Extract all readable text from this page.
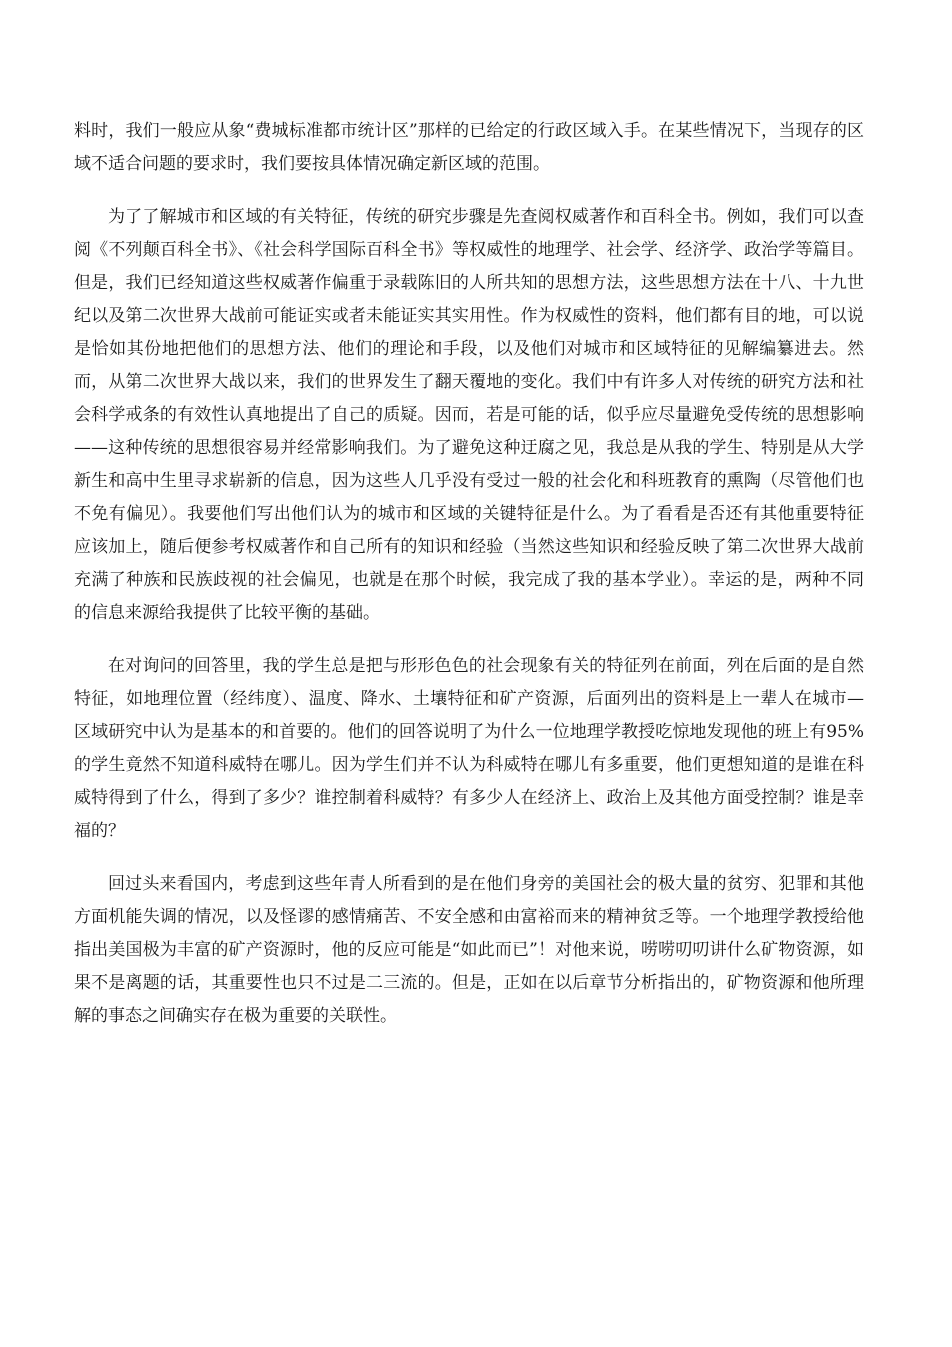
料时，我们一般应从象“费城标准都市统计区”那样的已给定的行政区域入手。在某些情况下，当现存的区域不适合问题的要求时，我们要按具体情况确定新区域的范围。

为了了解城市和区域的有关特征，传统的研究步骤是先查阅权威著作和百科全书。例如，我们可以查阅《不列颠百科全书》、《社会科学国际百科全书》等权威性的地理学、社会学、经济学、政治学等篇目。但是，我们已经知道这些权威著作偏重于录载陈旧的人所共知的思想方法，这些思想方法在十八、十九世纪以及第二次世界大战前可能证实或者未能证实其实用性。作为权威性的资料，他们都有目的地，可以说是恰如其份地把他们的思想方法、他们的理论和手段，以及他们对城市和区域特征的见解编纂进去。然而，从第二次世界大战以来，我们的世界发生了翻天覆地的变化。我们中有许多人对传统的研究方法和社会科学戒条的有效性认真地提出了自己的质疑。因而，若是可能的话，似乎应尽量避免受传统的思想影响——这种传统的思想很容易并经常影响我们。为了避免这种迂腐之见，我总是从我的学生、特别是从大学新生和高中生里寻求崭新的信息，因为这些人几乎没有受过一般的社会化和科班教育的熏陶（尽管他们也不免有偏见）。我要他们写出他们认为的城市和区域的关键特征是什么。为了看看是否还有其他重要特征应该加上，随后便参考权威著作和自己所有的知识和经验（当然这些知识和经验反映了第二次世界大战前充满了种族和民族歧视的社会偏见，也就是在那个时候，我完成了我的基本学业）。幸运的是，两种不同的信息来源给我提供了比较平衡的基础。

在对询问的回答里，我的学生总是把与形形色色的社会现象有关的特征列在前面，列在后面的是自然特征，如地理位置（经纬度）、温度、降水、土壤特征和矿产资源，后面列出的资料是上一辈人在城市—区域研究中认为是基本的和首要的。他们的回答说明了为什么一位地理学教授吃惊地发现他的班上有95%的学生竟然不知道科威特在哪儿。因为学生们并不认为科威特在哪儿有多重要，他们更想知道的是谁在科威特得到了什么，得到了多少？谁控制着科威特？有多少人在经济上、政治上及其他方面受控制？谁是幸福的？

回过头来看国内，考虑到这些年青人所看到的是在他们身旁的美国社会的极大量的贫穷、犯罪和其他方面机能失调的情况，以及怪谬的感情痛苦、不安全感和由富裕而来的精神贫乏等。一个地理学教授给他指出美国极为丰富的矿产资源时，他的反应可能是“如此而已”！对他来说，唠唠叨叨讲什么矿物资源，如果不是离题的话，其重要性也只不过是二三流的。但是，正如在以后章节分析指出的，矿物资源和他所理解的事态之间确实存在极为重要的关联性。
